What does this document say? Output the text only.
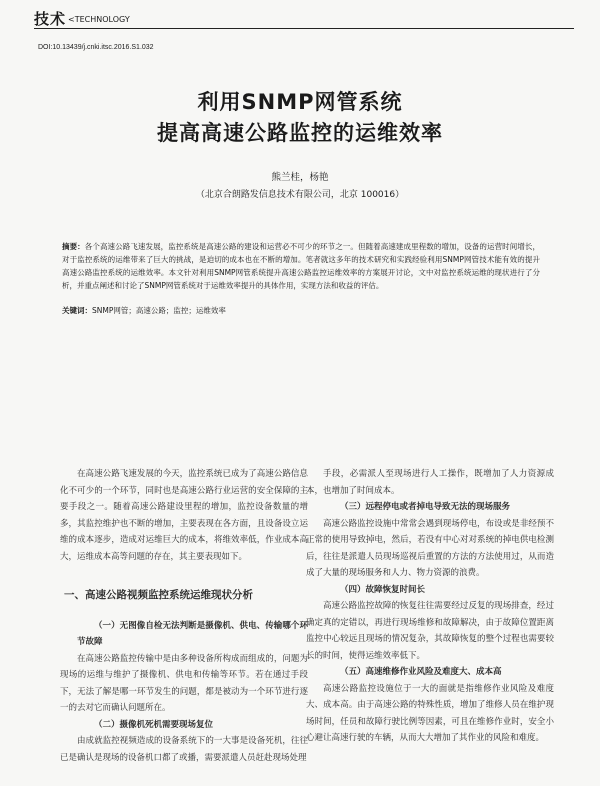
技术 $^{<TECHNOLOGY}$
DOI:10.13439/j.cnki.itsc.2016.S1.032
利用SNMP网管系统
提高高速公路监控的运维效率
熊兰桂，杨艳
（北京合朗路发信息技术有限公司，北京 100016）
摘要：各个高速公路飞速发展，监控系统是高速公路的建设和运营必不可少的环节之一。但随着高速建成里程数的增加，设备的运营时间增长，对于监控系统的运维带来了巨大的挑战，是迫切的成本也在不断的增加。笔者就这多年的技术研究和实践经验利用SNMP网管技术能有效的提升高速公路监控系统的运维效率。本文针对利用SNMP网管系统提升高速公路监控运维效率的方案展开讨论，文中对监控系统运维的现状进行了分析，并重点阐述和讨论了SNMP网管系统对于运维效率提升的具体作用，实现方法和收益的评估。
关键词：SNMP网管；高速公路；监控；运维效率

在高速公路飞速发展的今天，监控系统已成为了高速公路信息化不可少的一个环节，同时也是高速公路行业运营的安全保障的主要手段之一。随着高速公路建设里程的增加，监控设备数量的增多，其监控维护也不断的增加，主要表现在各方面，且设备设立运维的成本逐步，造成对运维巨大的成本，将维效率低，作业成本高大，运维成本高等问题的存在，其主要表现如下。

一、高速公路视频监控系统运维现状分析

（一）无图像自检无法判断是摄像机、供电、传输哪个环节故障

在高速公路监控传输中是由多种设备所构成而组成的，问题为现场的运维与维护了摄像机、供电和传输等环节。若在通过手段下，无法了解是哪一环节发生的问题，都是被动为一个环节进行逐一的去对它而确认问题所在。

（二）摄像机死机需要现场复位

由成就监控视频造成的设备系统下的一大事是设备死机，往往已是确认是现场的设备机口都了或播，需要派遣人员赶赴现场处理

手段，必需派人至现场进行人工操作，既增加了人力资源成本，也增加了时间成本。

（三）远程停电或者掉电导致无法的现场服务

高速公路监控设施中常常会遇到现场停电，布设或是非经预不正常的使用导致掉电，然后，若没有中心对对系统的掉电供电检测后，往往是派遣人员现场巡视后重置的方法的方法使用过，从而造成了大量的现场服务和人力、物力资源的浪费。

（四）故障恢复时间长

高速公路监控故障的恢复往往需要经过反复的现场排查，经过确定真的定错以，再进行现场维修和故障解决，由于故障位置距离监控中心较远且现场的情况复杂，其故障恢复的整个过程也需要较长的时间，使得运维效率低下。

（五）高速维修作业风险及难度大、成本高

高速公路监控设施位于一大的面就是指维修作业风险及难度大、成本高。由于高速公路的特殊性质，增加了维修人员在维护现场时间，任员和故障行驶比例等因素，可且在维修作业时，安全小心避让高速行驶的车辆，从而大大增加了其作业的风险和难度。
